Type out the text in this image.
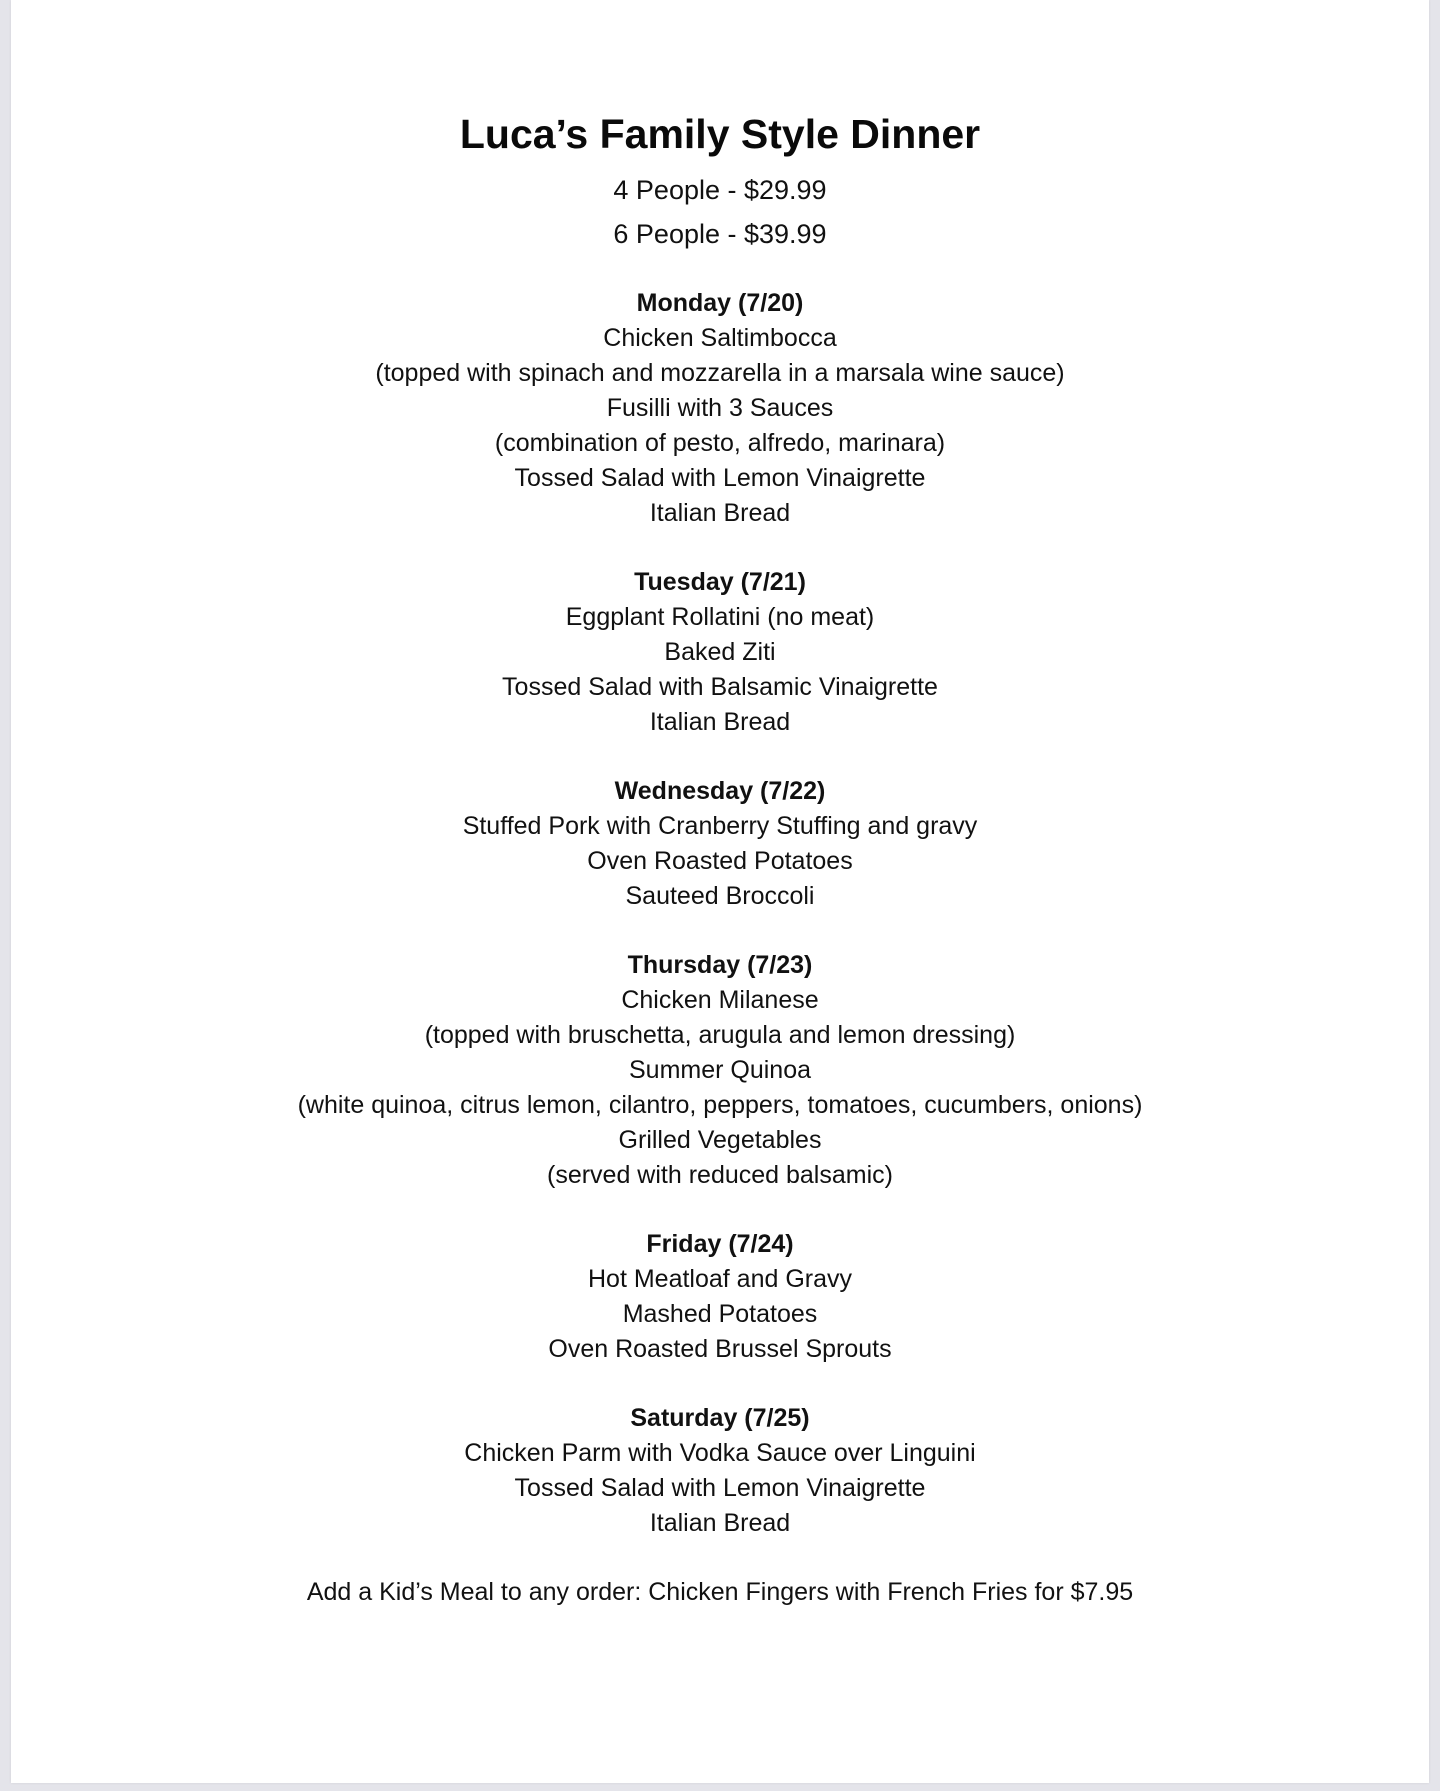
Luca’s Family Style Dinner

4 People - $29.99

6 People - $39.99

Monday (7/20)

Chicken Saltimbocca

(topped with spinach and mozzarella in a marsala wine sauce)

Fusilli with 3 Sauces

(combination of pesto, alfredo, marinara)

Tossed Salad with Lemon Vinaigrette

Italian Bread

Tuesday (7/21)

Eggplant Rollatini (no meat)

Baked Ziti

Tossed Salad with Balsamic Vinaigrette

Italian Bread

Wednesday (7/22)

Stuffed Pork with Cranberry Stuffing and gravy

Oven Roasted Potatoes

Sauteed Broccoli

Thursday (7/23)

Chicken Milanese

(topped with bruschetta, arugula and lemon dressing)

Summer Quinoa

(white quinoa, citrus lemon, cilantro, peppers, tomatoes, cucumbers, onions)

Grilled Vegetables

(served with reduced balsamic)

Friday (7/24)

Hot Meatloaf and Gravy

Mashed Potatoes

Oven Roasted Brussel Sprouts

Saturday (7/25)

Chicken Parm with Vodka Sauce over Linguini

Tossed Salad with Lemon Vinaigrette

Italian Bread

Add a Kid’s Meal to any order: Chicken Fingers with French Fries for $7.95
